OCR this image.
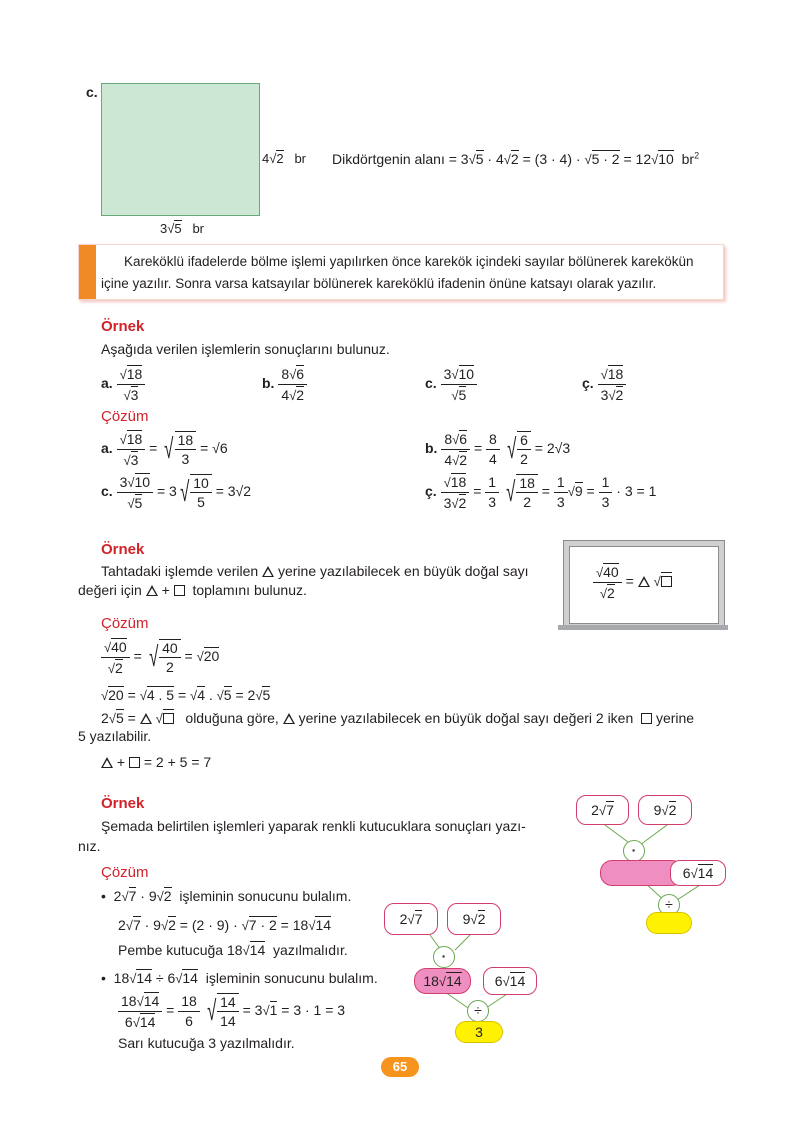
c.
4√2 br
3√5 br
Dikdörtgenin alanı = 3√5 · 4√2 = (3 · 4) · √5 · 2 = 12√10 $br^2$
Kareköklü ifadelerde bölme işlemi yapılırken önce karekök içindeki sayılar bölünerek karekökün
içine yazılır. Sonra varsa katsayılar bölünerek kareköklü ifadenin önüne katsayı olarak yazılır.
Örnek
Aşağıda verilen işlemlerin sonuçlarını bulunuz.
a. $\frac{√18}{√3}$	b. $\frac{8√6}{4√2}$	c. $\frac{3√10}{√5}$	ç. $\frac{√18}{3√2}$
Çözüm
a. $\frac{√18}{√3}$ = √ $\frac{18}{3} = √6$	b. $\frac{8√6}{4√2} = \frac{8}{4}$ √ $\frac{6}{2} = 2√3$
c. $\frac{3√10}{√5} = 3$ √ $\frac{10}{5} = 3√2$	ç. $\frac{√18}{3√2} = \frac{1}{3}$ √ $\frac{18}{2} = \frac{1}{3} √9 = \frac{1}{3} \cdot 3 = 1$
Örnek
Tahtadaki işlemde verilen yerine yazılabilecek en büyük doğal sayı
değeri için  +   toplamını bulunuz.	$\frac{√40}{√2}$ =  √
Çözüm
$\frac{√40}{√2}$ = √ $\frac{40}{2} = √20$
√20 = √4 . 5 = √4 . √5 = 2√5
2√5 =  √ olduğuna göre, yerine yazılabilecek en büyük doğal sayı değeri 2 iken yerine
5 yazılabilir.
+  = 2 + 5 = 7
Örnek
Şemada belirtilen işlemleri yaparak renkli kutucuklara sonuçları yazı-
nız.
Çözüm
•  2√7 · 9√2 işleminin sonucunu bulalım.
2√7 · 9√2 = (2 · 9) · √7 · 2 = 18√14
Pembe kutucuğa 18√14 yazılmalıdır.
•  18√14 ÷ 6√14 işleminin sonucunu bulalım.
$\frac{18√14}{6√14} = \frac{18}{6}$ √ $\frac{14}{14} = 3√1 = 3 \cdot 1 = 3$
Sarı kutucuğa 3 yazılmalıdır.
2√7	9√2
·
6√14
÷
2√7	9√2
·
18√14	6√14
÷
3
65
